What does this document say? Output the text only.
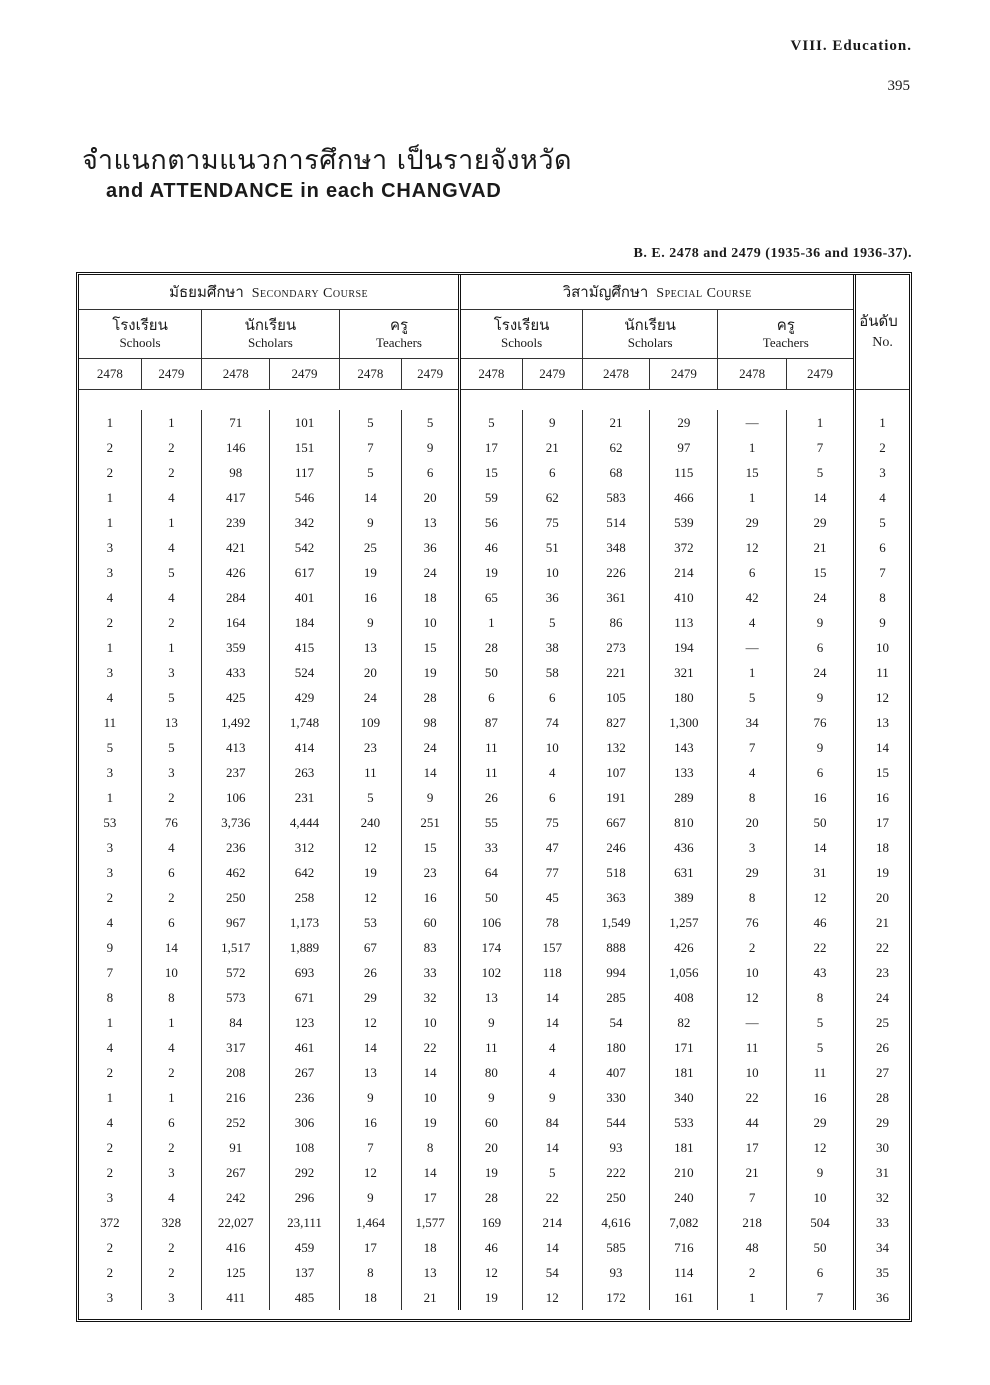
VIII. Education.
395
จำแนกตามแนวการศึกษา เป็นรายจังหวัด
and ATTENDANCE in each CHANGVAD
B. E. 2478 and 2479 (1935-36 and 1936-37).
มัธยมศึกษา Secondary Course						วิสามัญศึกษา Special Course						อันดับ
No.

โรงเรียน
Schools		นักเรียน
Scholars		ครู
Teachers		โรงเรียน
Schools		นักเรียน
Scholars		ครู
Teachers		
2478	2479	2478	2479	2478	2479	2478	2479	2478	2479	2478	2479	

1	1	71	101	5	5	5	9	21	29	—	1	1
2	2	146	151	7	9	17	21	62	97	1	7	2
2	2	98	117	5	6	15	6	68	115	15	5	3
1	4	417	546	14	20	59	62	583	466	1	14	4
1	1	239	342	9	13	56	75	514	539	29	29	5
3	4	421	542	25	36	46	51	348	372	12	21	6
3	5	426	617	19	24	19	10	226	214	6	15	7
4	4	284	401	16	18	65	36	361	410	42	24	8
2	2	164	184	9	10	1	5	86	113	4	9	9
1	1	359	415	13	15	28	38	273	194	—	6	10
3	3	433	524	20	19	50	58	221	321	1	24	11
4	5	425	429	24	28	6	6	105	180	5	9	12
11	13	1,492	1,748	109	98	87	74	827	1,300	34	76	13
5	5	413	414	23	24	11	10	132	143	7	9	14
3	3	237	263	11	14	11	4	107	133	4	6	15
1	2	106	231	5	9	26	6	191	289	8	16	16
53	76	3,736	4,444	240	251	55	75	667	810	20	50	17
3	4	236	312	12	15	33	47	246	436	3	14	18
3	6	462	642	19	23	64	77	518	631	29	31	19
2	2	250	258	12	16	50	45	363	389	8	12	20
4	6	967	1,173	53	60	106	78	1,549	1,257	76	46	21
9	14	1,517	1,889	67	83	174	157	888	426	2	22	22
7	10	572	693	26	33	102	118	994	1,056	10	43	23
8	8	573	671	29	32	13	14	285	408	12	8	24
1	1	84	123	12	10	9	14	54	82	—	5	25
4	4	317	461	14	22	11	4	180	171	11	5	26
2	2	208	267	13	14	80	4	407	181	10	11	27
1	1	216	236	9	10	9	9	330	340	22	16	28
4	6	252	306	16	19	60	84	544	533	44	29	29
2	2	91	108	7	8	20	14	93	181	17	12	30
2	3	267	292	12	14	19	5	222	210	21	9	31
3	4	242	296	9	17	28	22	250	240	7	10	32
372	328	22,027	23,111	1,464	1,577	169	214	4,616	7,082	218	504	33
2	2	416	459	17	18	46	14	585	716	48	50	34
2	2	125	137	8	13	12	54	93	114	2	6	35
3	3	411	485	18	21	19	12	172	161	1	7	36
